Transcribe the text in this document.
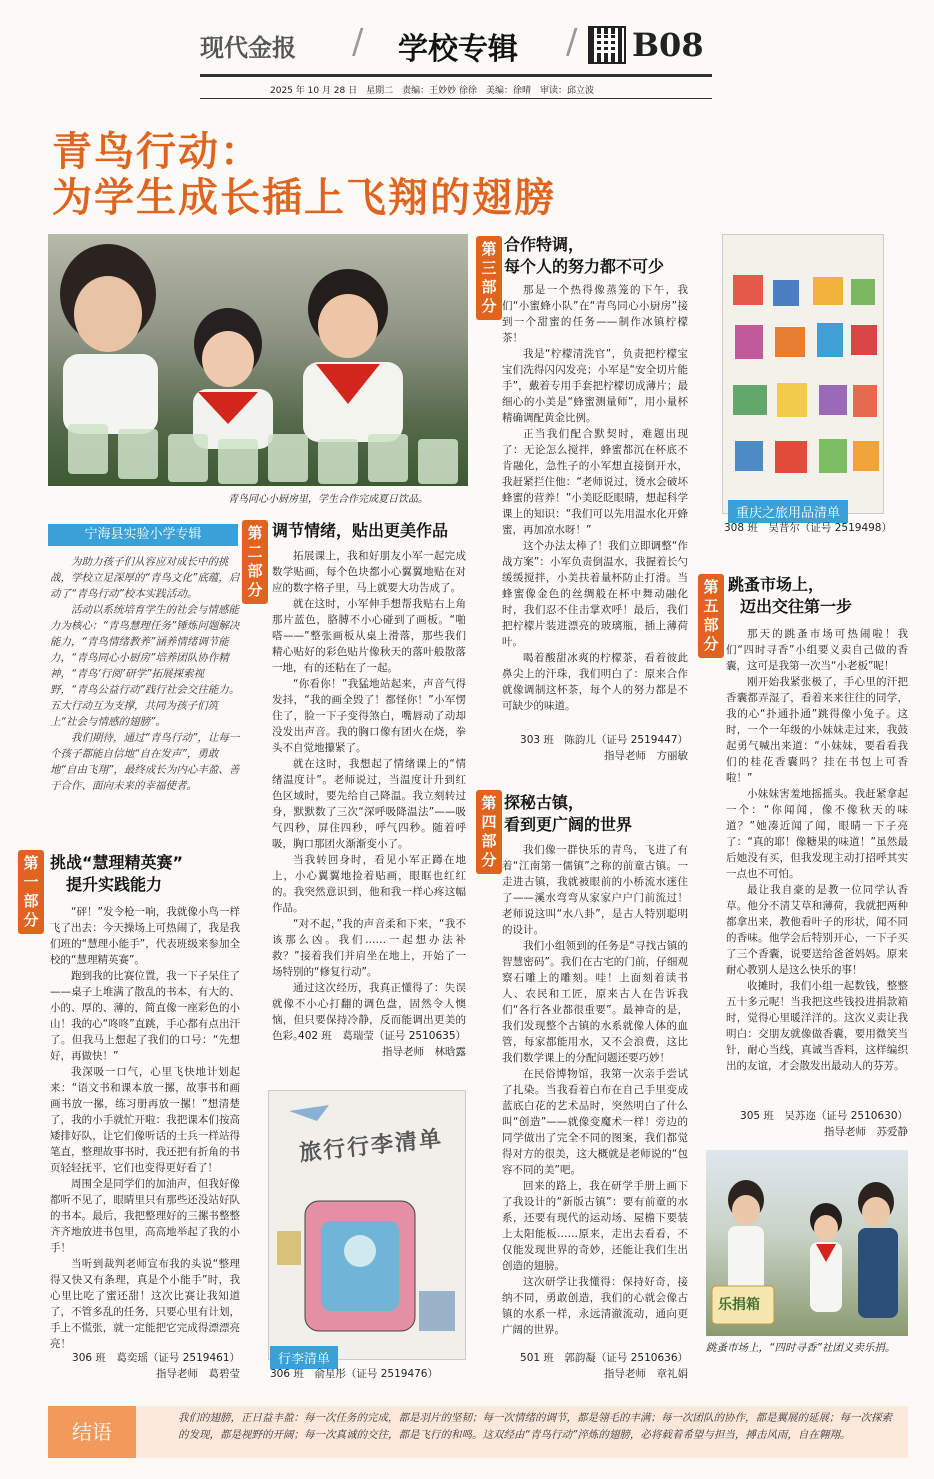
现代金报 / 学校专辑 / B08
2025 年 10 月 28 日　星期二　责编：王妙妙 徐徐　美编：徐晴　审读：邱立波
青鸟行动：
为学生成长插上飞翔的翅膀
青鸟同心小厨房里，学生合作完成夏日饮品。
宁海县实验小学专辑

为助力孩子们从容应对成长中的挑战，学校立足深厚的“青鸟文化”底蕴，启动了“青鸟行动”校本实践活动。

活动以系统培育学生的社会与情感能力为核心：“青鸟慧理任务”锤炼问题解决能力，“青鸟情绪教养”涵养情绪调节能力，“青鸟同心小厨房”培养团队协作精神，“青鸟‘行阅’研学”拓展探索视野，“青鸟公益行动”践行社会交往能力。五大行动互为支撑，共同为孩子们筑上“社会与情感的翅膀”。

我们期待，通过“青鸟行动”，让每一个孩子都能自信地“自在发声”，勇敢地“自由飞翔”，最终成长为内心丰盈、善于合作、面向未来的幸福使者。

第一部分
挑战“慧理精英赛”
提升实践能力

“砰！”发令枪一响，我就像小鸟一样飞了出去：今天操场上可热闹了，我是我们班的“慧理小能手”，代表班级来参加全校的“慧理精英赛”。

跑到我的比赛位置，我一下子呆住了——桌子上堆满了散乱的书本，有大的、小的、厚的、薄的，简直像一座彩色的小山！我的心“咚咚”直跳，手心都有点出汗了。但我马上想起了我们的口号：“先想好，再做快！”

我深吸一口气，心里飞快地计划起来：“语文书和课本放一摞，故事书和画画书放一摞，练习册再放一摞！”想清楚了，我的小手就忙开啦：我把课本们按高矮排好队，让它们像听话的士兵一样站得笔直，整理故事书时，我还把有折角的书页轻轻抚平，它们也变得更好看了！

周围全是同学们的加油声，但我好像都听不见了，眼睛里只有那些还没站好队的书本。最后，我把整理好的三摞书整整齐齐地放进书包里，高高地举起了我的小手！

当听到裁判老师宣布我的头说“整理得又快又有条理，真是个小能手”时，我心里比吃了蜜还甜！这次比赛让我知道了，不管多乱的任务，只要心里有计划，手上不慌张，就一定能把它完成得漂漂亮亮！

306 班　葛奕瑶（证号 2519461）
指导老师　葛碧莹
第二部分
调节情绪，贴出更美作品

拓展课上，我和好朋友小军一起完成数学贴画，每个色块都小心翼翼地贴在对应的数字格子里，马上就要大功告成了。

就在这时，小军伸手想帮我贴右上角那片蓝色，胳膊不小心碰到了画板。“啪嗒——”整张画板从桌上滑落，那些我们精心贴好的彩色贴片像秋天的落叶般散落一地，有的还粘在了一起。

“你看你！”我猛地站起来，声音气得发抖，“我的画全毁了！都怪你！”小军愣住了，脸一下子变得煞白，嘴唇动了动却没发出声音。我的胸口像有团火在烧，拳头不自觉地攥紧了。

就在这时，我想起了情绪课上的“情绪温度计”。老师说过，当温度计升到红色区域时，要先给自己降温。我立刻转过身，默默数了三次“深呼吸降温法”——吸气四秒，屏住四秒，呼气四秒。随着呼吸，胸口那团火渐渐变小了。

当我转回身时，看见小军正蹲在地上，小心翼翼地捡着贴画，眼眶也红红的。我突然意识到，他和我一样心疼这幅作品。

“对不起，”我的声音柔和下来，“我不该那么凶。我们……一起想办法补救？”接着我们并肩坐在地上，开始了一场特别的“修复行动”。

通过这次经历，我真正懂得了：失误就像不小心打翻的调色盘，固然令人懊恼，但只要保持冷静，反而能调出更美的色彩。

402 班　葛瑞莹（证号 2510635）
指导老师　林晗露
旅行行李清单
行李清单
306 班　俞星彤（证号 2519476）
第三部分
合作特调，
每个人的努力都不可少

那是一个热得像蒸笼的下午，我们“小蜜蜂小队”在“青鸟同心小厨房”接到一个甜蜜的任务——制作冰镇柠檬茶！

我是“柠檬清洗官”，负责把柠檬宝宝们洗得闪闪发亮；小军是“安全切片能手”，戴着专用手套把柠檬切成薄片；最细心的小美是“蜂蜜测量师”，用小量杯精确调配黄金比例。

正当我们配合默契时，难题出现了：无论怎么搅拌，蜂蜜都沉在杯底不肯融化，急性子的小军想直接倒开水，我赶紧拦住他：“老师说过，烫水会破坏蜂蜜的营养！”小美眨眨眼睛，想起科学课上的知识：“我们可以先用温水化开蜂蜜，再加凉水呀！”

这个办法太棒了！我们立即调整“作战方案”：小军负责倒温水，我握着长勺缓缓搅拌，小美扶着量杯防止打滑。当蜂蜜像金色的丝绸般在杯中舞动融化时，我们忍不住击掌欢呼！最后，我们把柠檬片装进漂亮的玻璃瓶，插上薄荷叶。

喝着酸甜冰爽的柠檬茶，看着彼此鼻尖上的汗珠，我们明白了：原来合作就像调制这杯茶，每个人的努力都是不可缺少的味道。

303 班　陈韵儿（证号 2519447）
指导老师　方丽敏
第四部分
探秘古镇，
看到更广阔的世界

我们像一群快乐的青鸟，飞进了有着“江南第一儒镇”之称的前童古镇。一走进古镇，我就被眼前的小桥流水迷住了——溪水弯弯从家家户户门前流过！老师说这叫“水八卦”，是古人特别聪明的设计。

我们小组领到的任务是“寻找古镇的智慧密码”。我们在古宅的门前，仔细观察石雕上的雕刻。哇！上面刻着读书人、农民和工匠，原来古人在告诉我们“各行各业都很重要”。最神奇的是，我们发现整个古镇的水系就像人体的血管，每家都能用水，又不会浪费，这比我们数学课上的分配问题还要巧妙！

在民俗博物馆，我第一次亲手尝试了扎染。当我看着白布在自己手里变成蓝底白花的艺术品时，突然明白了什么叫“创造”——就像变魔术一样！旁边的同学做出了完全不同的图案，我们都觉得对方的很美，这大概就是老师说的“包容不同的美”吧。

回来的路上，我在研学手册上画下了我设计的“新版古镇”：要有前童的水系，还要有现代的运动场、屋檐下要装上太阳能板……原来，走出去看看，不仅能发现世界的奇妙，还能让我们生出创造的翅膀。

这次研学让我懂得：保持好奇，接纳不同，勇敢创造，我们的心就会像古镇的水系一样，永远清澈流动，通向更广阔的世界。

501 班　郭韵凝（证号 2510636）
指导老师　章礼娟
重庆之旅用品清单
308 班　吴昔尔（证号 2519498）
第五部分
跳蚤市场上，
迈出交往第一步

那天的跳蚤市场可热闹啦！我们“四时寻香”小组要义卖自己做的香囊，这可是我第一次当“小老板”呢！

刚开始我紧张极了，手心里的汗把香囊都弄湿了，看着来来往往的同学，我的心“扑通扑通”跳得像小兔子。这时，一个一年级的小妹妹走过来，我鼓起勇气喊出来道：“小妹妹，要看看我们的桂花香囊吗？挂在书包上可香啦！”

小妹妹害羞地摇摇头。我赶紧拿起一个：“你闻闻，像不像秋天的味道？”她凑近闻了闻，眼睛一下子亮了：“真的耶！像糖果的味道！”虽然最后她没有买，但我发现主动打招呼其实一点也不可怕。

最让我自豪的是教一位同学认香草。他分不清艾草和薄荷，我就把两种都拿出来，教他看叶子的形状，闻不同的香味。他学会后特别开心，一下子买了三个香囊，说要送给爸爸妈妈。原来耐心教别人是这么快乐的事！

收摊时，我们小组一起数钱，整整五十多元呢！当我把这些钱投进捐款箱时，觉得心里暖洋洋的。这次义卖让我明白：交朋友就像做香囊，要用微笑当针，耐心当线，真诚当香料，这样编织出的友谊，才会散发出最动人的芬芳。

305 班　吴苏迩（证号 2510630）
指导老师　苏爱静
乐捐箱
跳蚤市场上，“四时寻香”社团义卖乐捐。
结语
我们的翅膀，正日益丰盈：每一次任务的完成，都是羽片的坚韧；每一次情绪的调节，都是翎毛的丰满；每一次团队的协作，都是翼展的延展；每一次探索的发现，都是视野的开阔；每一次真诚的交往，都是飞行的和鸣。这双经由“青鸟行动”淬炼的翅膀，必将载着希望与担当，搏击风雨，自在翱翔。
